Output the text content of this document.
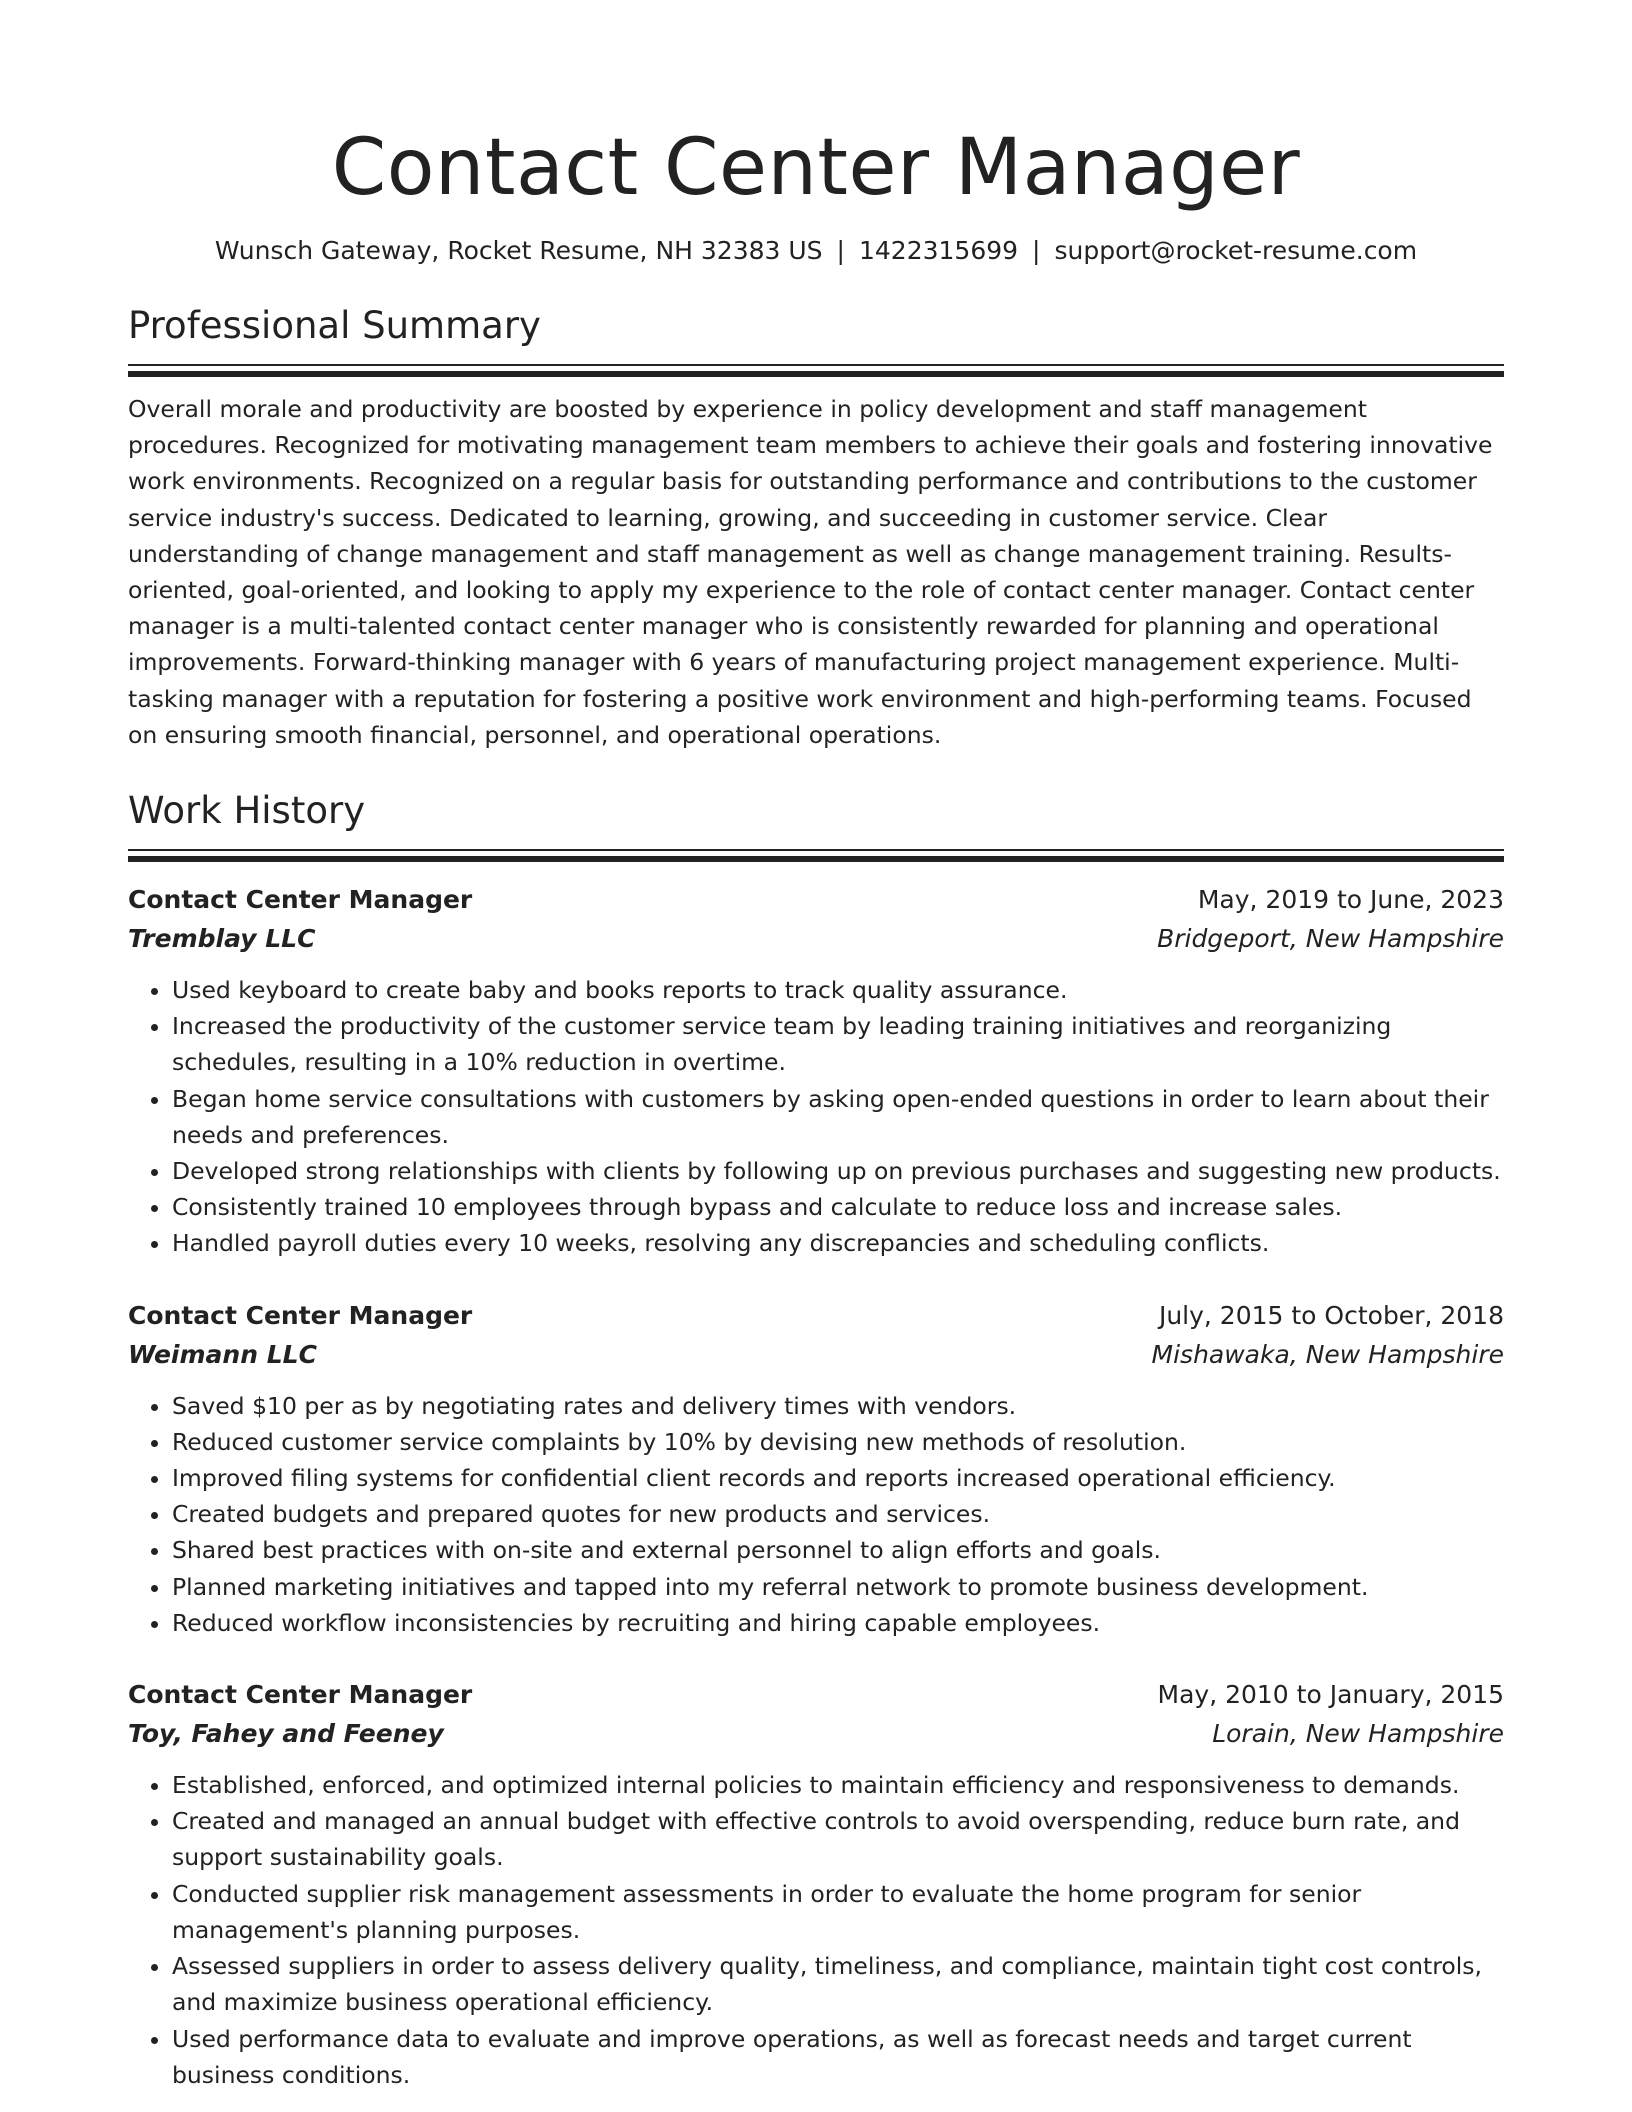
Contact Center Manager
Wunsch Gateway, Rocket Resume, NH 32383 US | 1422315699 | support@rocket-resume.com
Professional Summary
Overall morale and productivity are boosted by experience in policy development and staff management procedures. Recognized for motivating management team members to achieve their goals and fostering innovative work environments. Recognized on a regular basis for outstanding performance and contributions to the customer service industry's success. Dedicated to learning, growing, and succeeding in customer service. Clear understanding of change management and staff management as well as change management training. Results-oriented, goal-oriented, and looking to apply my experience to the role of contact center manager. Contact center manager is a multi-talented contact center manager who is consistently rewarded for planning and operational improvements. Forward-thinking manager with 6 years of manufacturing project management experience. Multi-tasking manager with a reputation for fostering a positive work environment and high-performing teams. Focused on ensuring smooth financial, personnel, and operational operations.
Work History
Contact Center Manager	May, 2019 to June, 2023
Tremblay LLC	Bridgeport, New Hampshire
• Used keyboard to create baby and books reports to track quality assurance.
• Increased the productivity of the customer service team by leading training initiatives and reorganizing schedules, resulting in a 10% reduction in overtime.
• Began home service consultations with customers by asking open-ended questions in order to learn about their needs and preferences.
• Developed strong relationships with clients by following up on previous purchases and suggesting new products.
• Consistently trained 10 employees through bypass and calculate to reduce loss and increase sales.
• Handled payroll duties every 10 weeks, resolving any discrepancies and scheduling conflicts.
Contact Center Manager	July, 2015 to October, 2018
Weimann LLC	Mishawaka, New Hampshire
• Saved $10 per as by negotiating rates and delivery times with vendors.
• Reduced customer service complaints by 10% by devising new methods of resolution.
• Improved filing systems for confidential client records and reports increased operational efficiency.
• Created budgets and prepared quotes for new products and services.
• Shared best practices with on-site and external personnel to align efforts and goals.
• Planned marketing initiatives and tapped into my referral network to promote business development.
• Reduced workflow inconsistencies by recruiting and hiring capable employees.
Contact Center Manager	May, 2010 to January, 2015
Toy, Fahey and Feeney	Lorain, New Hampshire
• Established, enforced, and optimized internal policies to maintain efficiency and responsiveness to demands.
• Created and managed an annual budget with effective controls to avoid overspending, reduce burn rate, and support sustainability goals.
• Conducted supplier risk management assessments in order to evaluate the home program for senior management's planning purposes.
• Assessed suppliers in order to assess delivery quality, timeliness, and compliance, maintain tight cost controls, and maximize business operational efficiency.
• Used performance data to evaluate and improve operations, as well as forecast needs and target current business conditions.
